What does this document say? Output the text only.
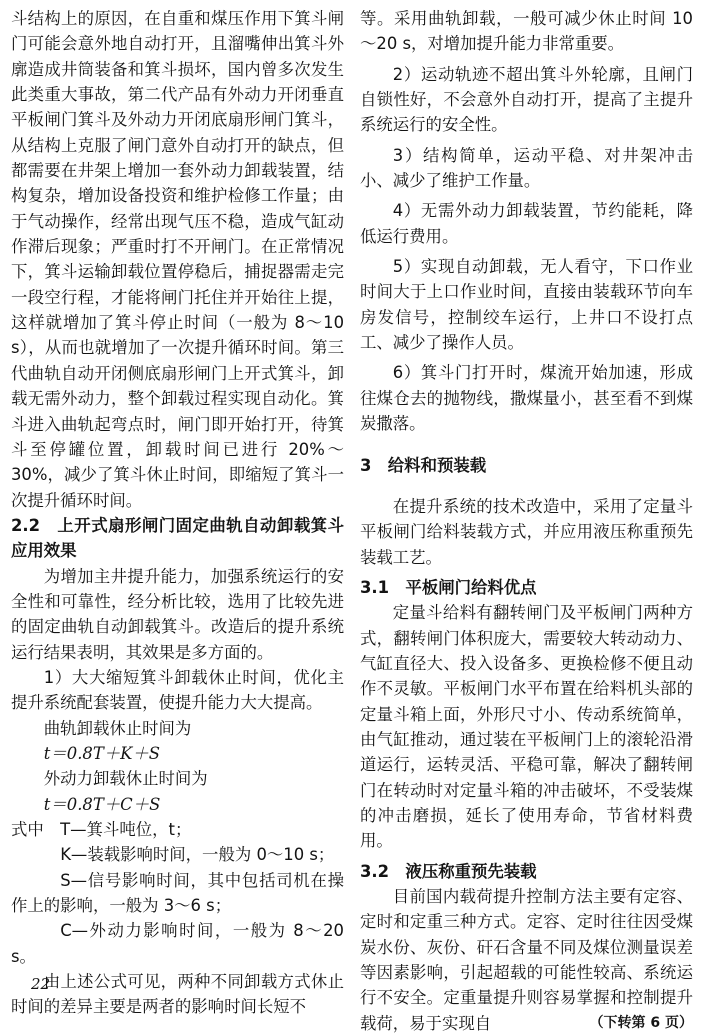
斗结构上的原因，在自重和煤压作用下箕斗闸门可能会意外地自动打开，且溜嘴伸出箕斗外廓造成井筒装备和箕斗损坏，国内曾多次发生此类重大事故，第二代产品有外动力开闭垂直平板闸门箕斗及外动力开闭底扇形闸门箕斗，从结构上克服了闸门意外自动打开的缺点，但都需要在井架上增加一套外动力卸载装置，结构复杂，增加设备投资和维护检修工作量；由于气动操作，经常出现气压不稳，造成气缸动作滞后现象；严重时打不开闸门。在正常情况下，箕斗运输卸载位置停稳后，捕捉器需走完一段空行程，才能将闸门托住并开始往上提，这样就增加了箕斗停止时间（一般为 8～10 s），从而也就增加了一次提升循环时间。第三代曲轨自动开闭侧底扇形闸门上开式箕斗，卸载无需外动力，整个卸载过程实现自动化。箕斗进入曲轨起弯点时，闸门即开始打开，待箕斗至停罐位置，卸载时间已进行 20%～30%，减少了箕斗休止时间，即缩短了箕斗一次提升循环时间。

2.2　上开式扇形闸门固定曲轨自动卸载箕斗应用效果

为增加主井提升能力，加强系统运行的安全性和可靠性，经分析比较，选用了比较先进的固定曲轨自动卸载箕斗。改造后的提升系统运行结果表明，其效果是多方面的。

1）大大缩短箕斗卸载休止时间，优化主提升系统配套装置，使提升能力大大提高。

曲轨卸载休止时间为

t＝0.8T＋K＋S

外动力卸载休止时间为

t＝0.8T＋C＋S

式中　T—箕斗吨位，t；

K—装载影响时间，一般为 0～10 s；

S—信号影响时间，其中包括司机在操作上的影响，一般为 3～6 s；

C—外动力影响时间，一般为 8～20 s。

由上述公式可见，两种不同卸载方式休止时间的差异主要是两者的影响时间长短不

等。采用曲轨卸载，一般可减少休止时间 10～20 s，对增加提升能力非常重要。

2）运动轨迹不超出箕斗外轮廓，且闸门自锁性好，不会意外自动打开，提高了主提升系统运行的安全性。

3）结构简单，运动平稳、对井架冲击小、减少了维护工作量。

4）无需外动力卸载装置，节约能耗，降低运行费用。

5）实现自动卸载，无人看守，下口作业时间大于上口作业时间，直接由装载环节向车房发信号，控制绞车运行，上井口不设打点工、减少了操作人员。

6）箕斗门打开时，煤流开始加速，形成往煤仓去的抛物线，撒煤量小，甚至看不到煤炭撒落。

3　给料和预装载

在提升系统的技术改造中，采用了定量斗平板闸门给料装载方式，并应用液压称重预先装载工艺。

3.1　平板闸门给料优点

定量斗给料有翻转闸门及平板闸门两种方式，翻转闸门体积庞大，需要较大转动动力、气缸直径大、投入设备多、更换检修不便且动作不灵敏。平板闸门水平布置在给料机头部的定量斗箱上面，外形尺寸小、传动系统简单，由气缸推动，通过装在平板闸门上的滚轮沿滑道运行，运转灵活、平稳可靠，解决了翻转闸门在转动时对定量斗箱的冲击破坏，不受装煤的冲击磨损，延长了使用寿命，节省材料费用。

3.2　液压称重预先装载

目前国内载荷提升控制方法主要有定容、定时和定重三种方式。定容、定时往往因受煤炭水份、灰份、矸石含量不同及煤位测量误差等因素影响，引起超载的可能性较高、系统运行不安全。定重量提升则容易掌握和控制提升载荷，易于实现自	（下转第 6 页）

22
